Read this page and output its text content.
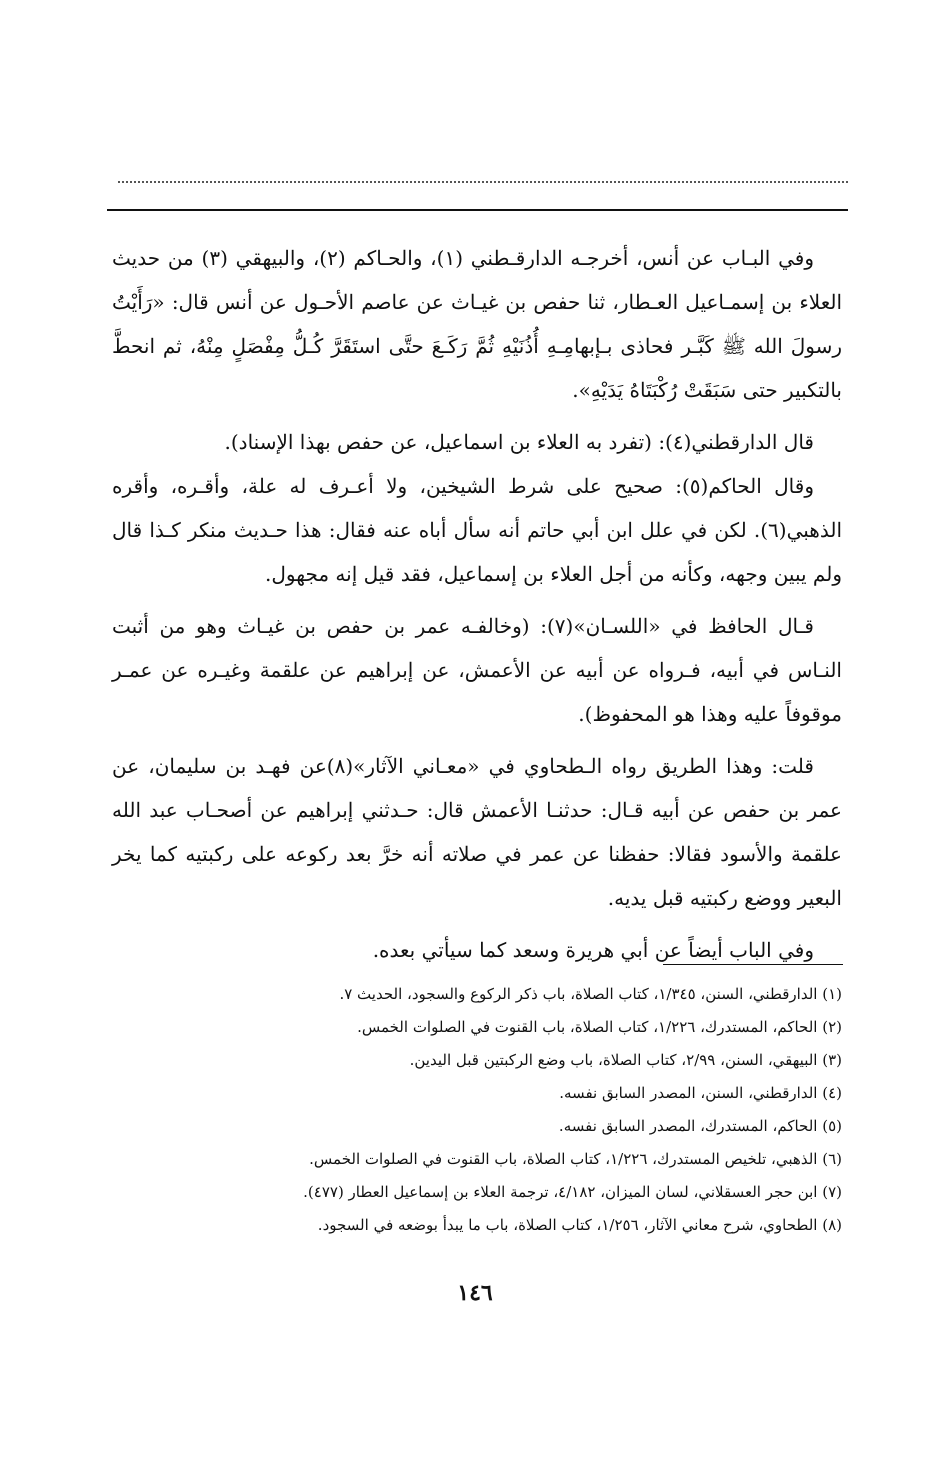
وفي البـاب عن أنس، أخرجـه الدارقـطني (١)، والحـاكم (٢)، والبيهقي (٣) من حديث العلاء بن إسمـاعيل العـطار، ثنا حفص بن غيـاث عن عاصم الأحـول عن أنس قال: «رَأَيْتُ رسولَ الله ﷺ كَبَّـر فحاذى بـإبهامِـهِ أُذُنَيْهِ ثُمَّ رَكَـعَ حتَّى استَقَرَّ كُـلُّ مِفْصَلٍ مِنْهُ، ثم انحطَّ بالتكبير حتى سَبَقَتْ رُكْبَتَاهُ يَدَيْهِ».

قال الدارقطني(٤): (تفرد به العلاء بن اسماعيل، عن حفص بهذا الإسناد).

وقال الحاكم(٥): صحيح على شرط الشيخين، ولا أعـرف له علة، وأقـره، وأقره الذهبي(٦). لكن في علل ابن أبي حاتم أنه سأل أباه عنه فقال: هذا حـديث منكر كـذا قال ولم يبين وجهه، وكأنه من أجل العلاء بن إسماعيل، فقد قيل إنه مجهول.

قـال الحافظ في «اللسـان»(٧): (وخالفـه عمر بن حفص بن غيـاث وهو من أثبت النـاس في أبيه، فـرواه عن أبيه عن الأعمش، عن إبراهيم عن علقمة وغيـره عن عمـر موقوفاً عليه وهذا هو المحفوظ).

قلت: وهذا الطريق رواه الـطحاوي في «معـاني الآثار»(٨)عن فهـد بن سليمان، عن عمر بن حفص عن أبيه قـال: حدثنـا الأعمش قال: حـدثني إبراهيم عن أصحـاب عبد الله علقمة والأسود فقالا: حفظنا عن عمر في صلاته أنه خرَّ بعد ركوعه على ركبتيه كما يخر البعير ووضع ركبتيه قبل يديه.

وفي الباب أيضاً عن أبي هريرة وسعد كما سيأتي بعده.

(١) الدارقطني، السنن، ١/٣٤٥، كتاب الصلاة، باب ذكر الركوع والسجود، الحديث ٧.
(٢) الحاكم، المستدرك، ١/٢٢٦، كتاب الصلاة، باب القنوت في الصلوات الخمس.
(٣) البيهقي، السنن، ٢/٩٩، كتاب الصلاة، باب وضع الركبتين قبل اليدين.
(٤) الدارقطني، السنن، المصدر السابق نفسه.
(٥) الحاكم، المستدرك، المصدر السابق نفسه.
(٦) الذهبي، تلخيص المستدرك، ١/٢٢٦، كتاب الصلاة، باب القنوت في الصلوات الخمس.
(٧) ابن حجر العسقلاني، لسان الميزان، ٤/١٨٢، ترجمة العلاء بن إسماعيل العطار (٤٧٧).
(٨) الطحاوي، شرح معاني الآثار، ١/٢٥٦، كتاب الصلاة، باب ما يبدأ بوضعه في السجود.
١٤٦
